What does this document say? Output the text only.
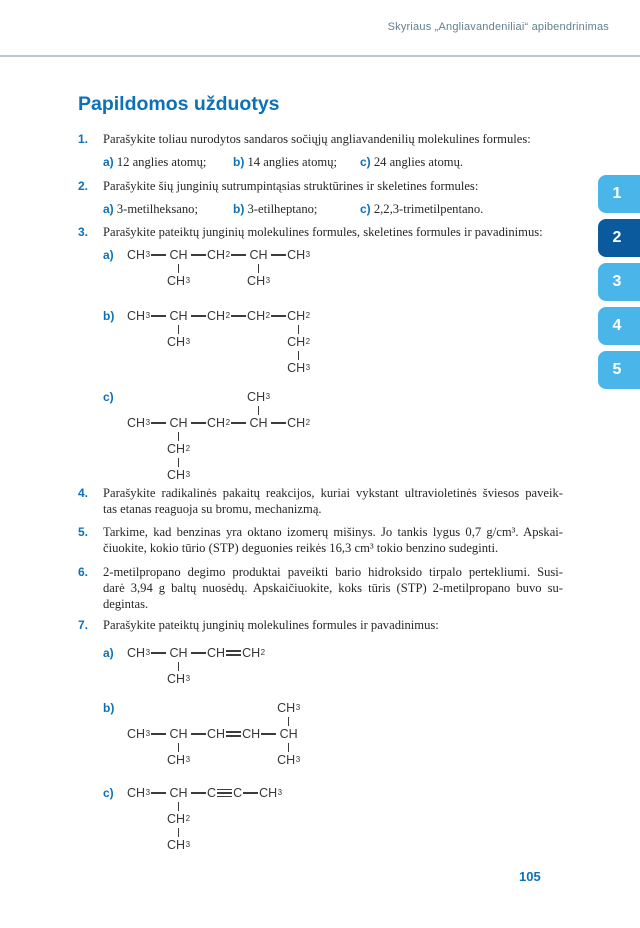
Skyriaus „Angliavandeniliai“ apibendrinimas
Papildomos užduotys
1.	Parašykite toliau nurodytos sandaros sočiųjų angliavandenilių molekulines formules:
a) 12 anglies atomų;	b) 14 anglies atomų;	c) 24 anglies atomų.
2.	Parašykite šių junginių sutrumpintąsias struktūrines ir skeletines formules:
a) 3-metilheksano;	b) 3-etilheptano;	c) 2,2,3-trimetilpentano.
3.	Parašykite pateiktų junginių molekulines formules, skeletines formules ir pavadinimus:
a)	CH 3 CH CH 2 CH CH 3
CH 3	CH 3
b)	CH 3 CH CH 2 CH 2 CH 2
CH 3	CH 2
CH 3
c)	CH 3
CH 3 CH CH 2 CH CH 2
CH 2
CH 3
4.	Parašykite radikalinės pakaitų reakcijos, kuriai vykstant ultravioletinės šviesos paveik-
tas etanas reaguoja su bromu, mechanizmą.
5.	Tarkime, kad benzinas yra oktano izomerų mišinys. Jo tankis lygus 0,7 g/cm³. Apskai-
čiuokite, kokio tūrio (STP) deguonies reikės 16,3 cm³ tokio benzino sudeginti.
6.	2-metilpropano degimo produktai paveikti bario hidroksido tirpalo pertekliumi. Susi-
darė 3,94 g baltų nuosėdų. Apskaičiuokite, koks tūris (STP) 2-metilpropano buvo su-
degintas.
7.	Parašykite pateiktų junginių molekulines formules ir pavadinimus:
a)	CH 3 CH CH CH 2
CH 3
b)	CH 3
CH 3 CH CH CH CH
CH 3	CH 3
c)	CH 3 CH C C CH 3
CH 2
CH 3
1
2
3
4
5
105
